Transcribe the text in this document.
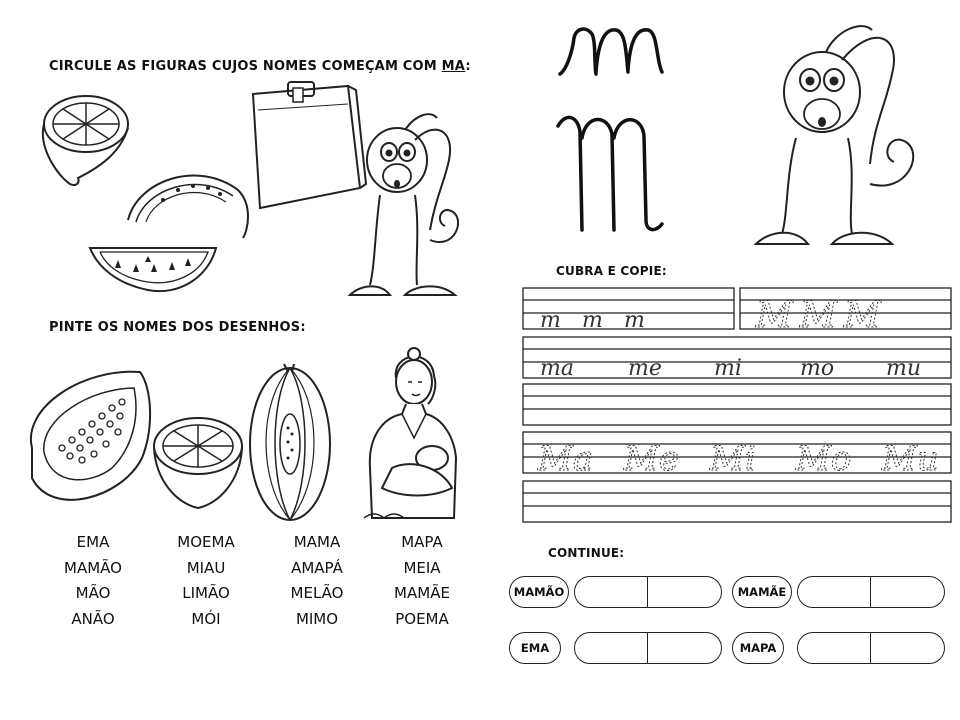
CIRCULE AS FIGURAS CUJOS NOMES COMEÇAM COM MA:
PINTE OS NOMES DOS DESENHOS:
EMA
MAMÃO
MÃO
ANÃO
MOEMA
MIAU
LIMÃO
MÓI
MAMA
AMAPÁ
MELÃO
MIMO
MAPA
MEIA
MAMÃE
POEMA
CUBRA E COPIE:
m m m	M M M
ma me mi	mo mu
Ma Me Mi Mo Mu
CONTINUE:
MAMÃO	MAMÃE
EMA	MAPA
